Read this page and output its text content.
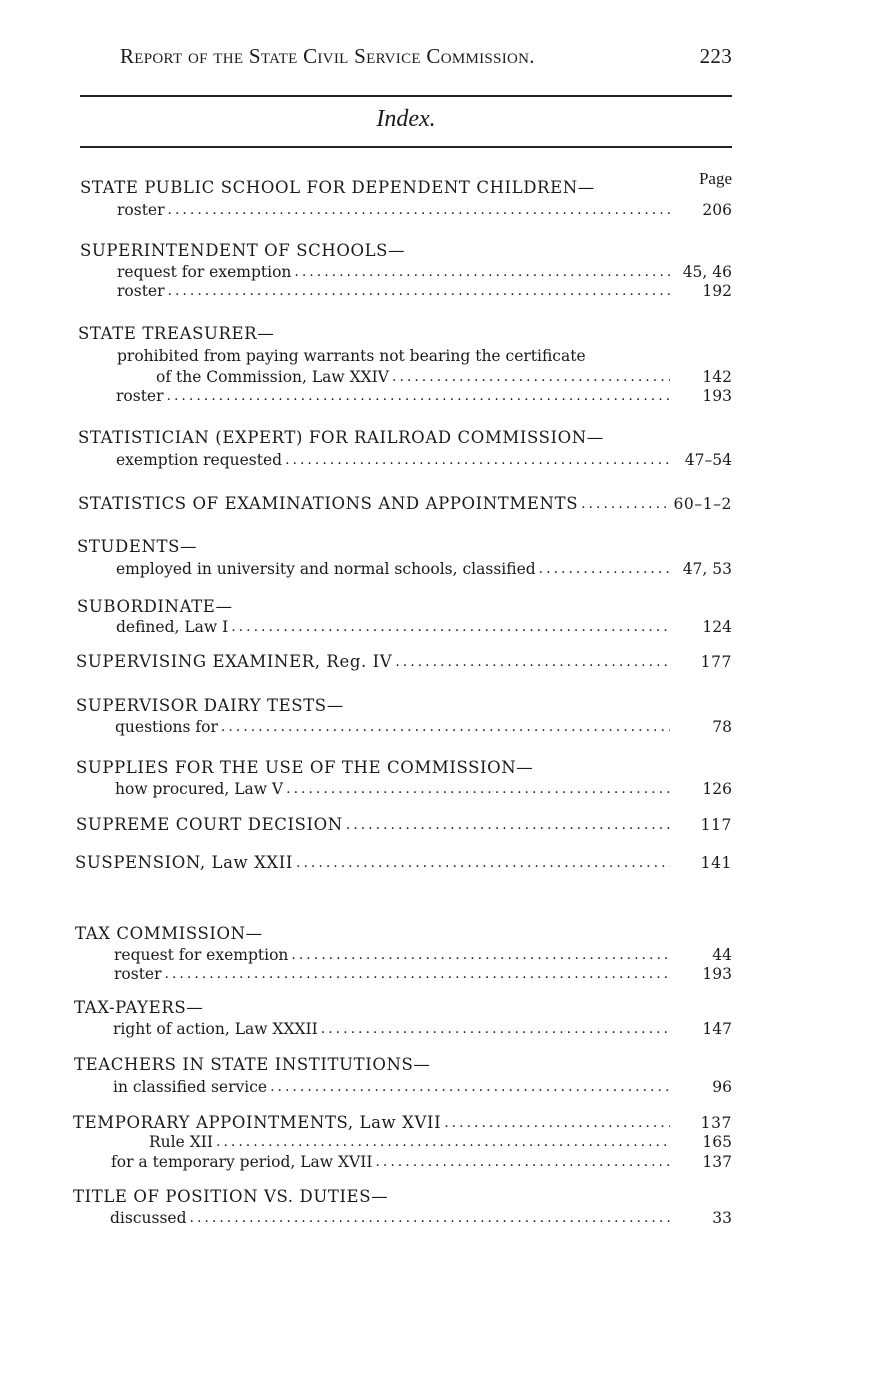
Report of the State Civil Service Commission.	223
Index.
Page
STATE PUBLIC SCHOOL FOR DEPENDENT CHILDREN—
roster .....	206
SUPERINTENDENT OF SCHOOLS—
request for exemption .....	45, 46
roster .....	192
STATE TREASURER—
prohibited from paying warrants not bearing the certificate
of the Commission, Law XXIV .....	142
roster .....	193
STATISTICIAN (EXPERT) FOR RAILROAD COMMISSION—
exemption requested .....	47–54
STATISTICS OF EXAMINATIONS AND APPOINTMENTS .....	60–1–2
STUDENTS—
employed in university and normal schools, classified .....	47, 53
SUBORDINATE—
defined, Law I .....	124
SUPERVISING EXAMINER, Reg. IV .....	177
SUPERVISOR DAIRY TESTS—
questions for .....	78
SUPPLIES FOR THE USE OF THE COMMISSION—
how procured, Law V .....	126
SUPREME COURT DECISION .....	117
SUSPENSION, Law XXII .....	141
TAX COMMISSION—
request for exemption .....	44
roster .....	193
TAX-PAYERS—
right of action, Law XXXII .....	147
TEACHERS IN STATE INSTITUTIONS—
in classified service .....	96
TEMPORARY APPOINTMENTS, Law XVII .....	137
Rule XII .....	165
for a temporary period, Law XVII .....	137
TITLE OF POSITION VS. DUTIES—
discussed .....	33
